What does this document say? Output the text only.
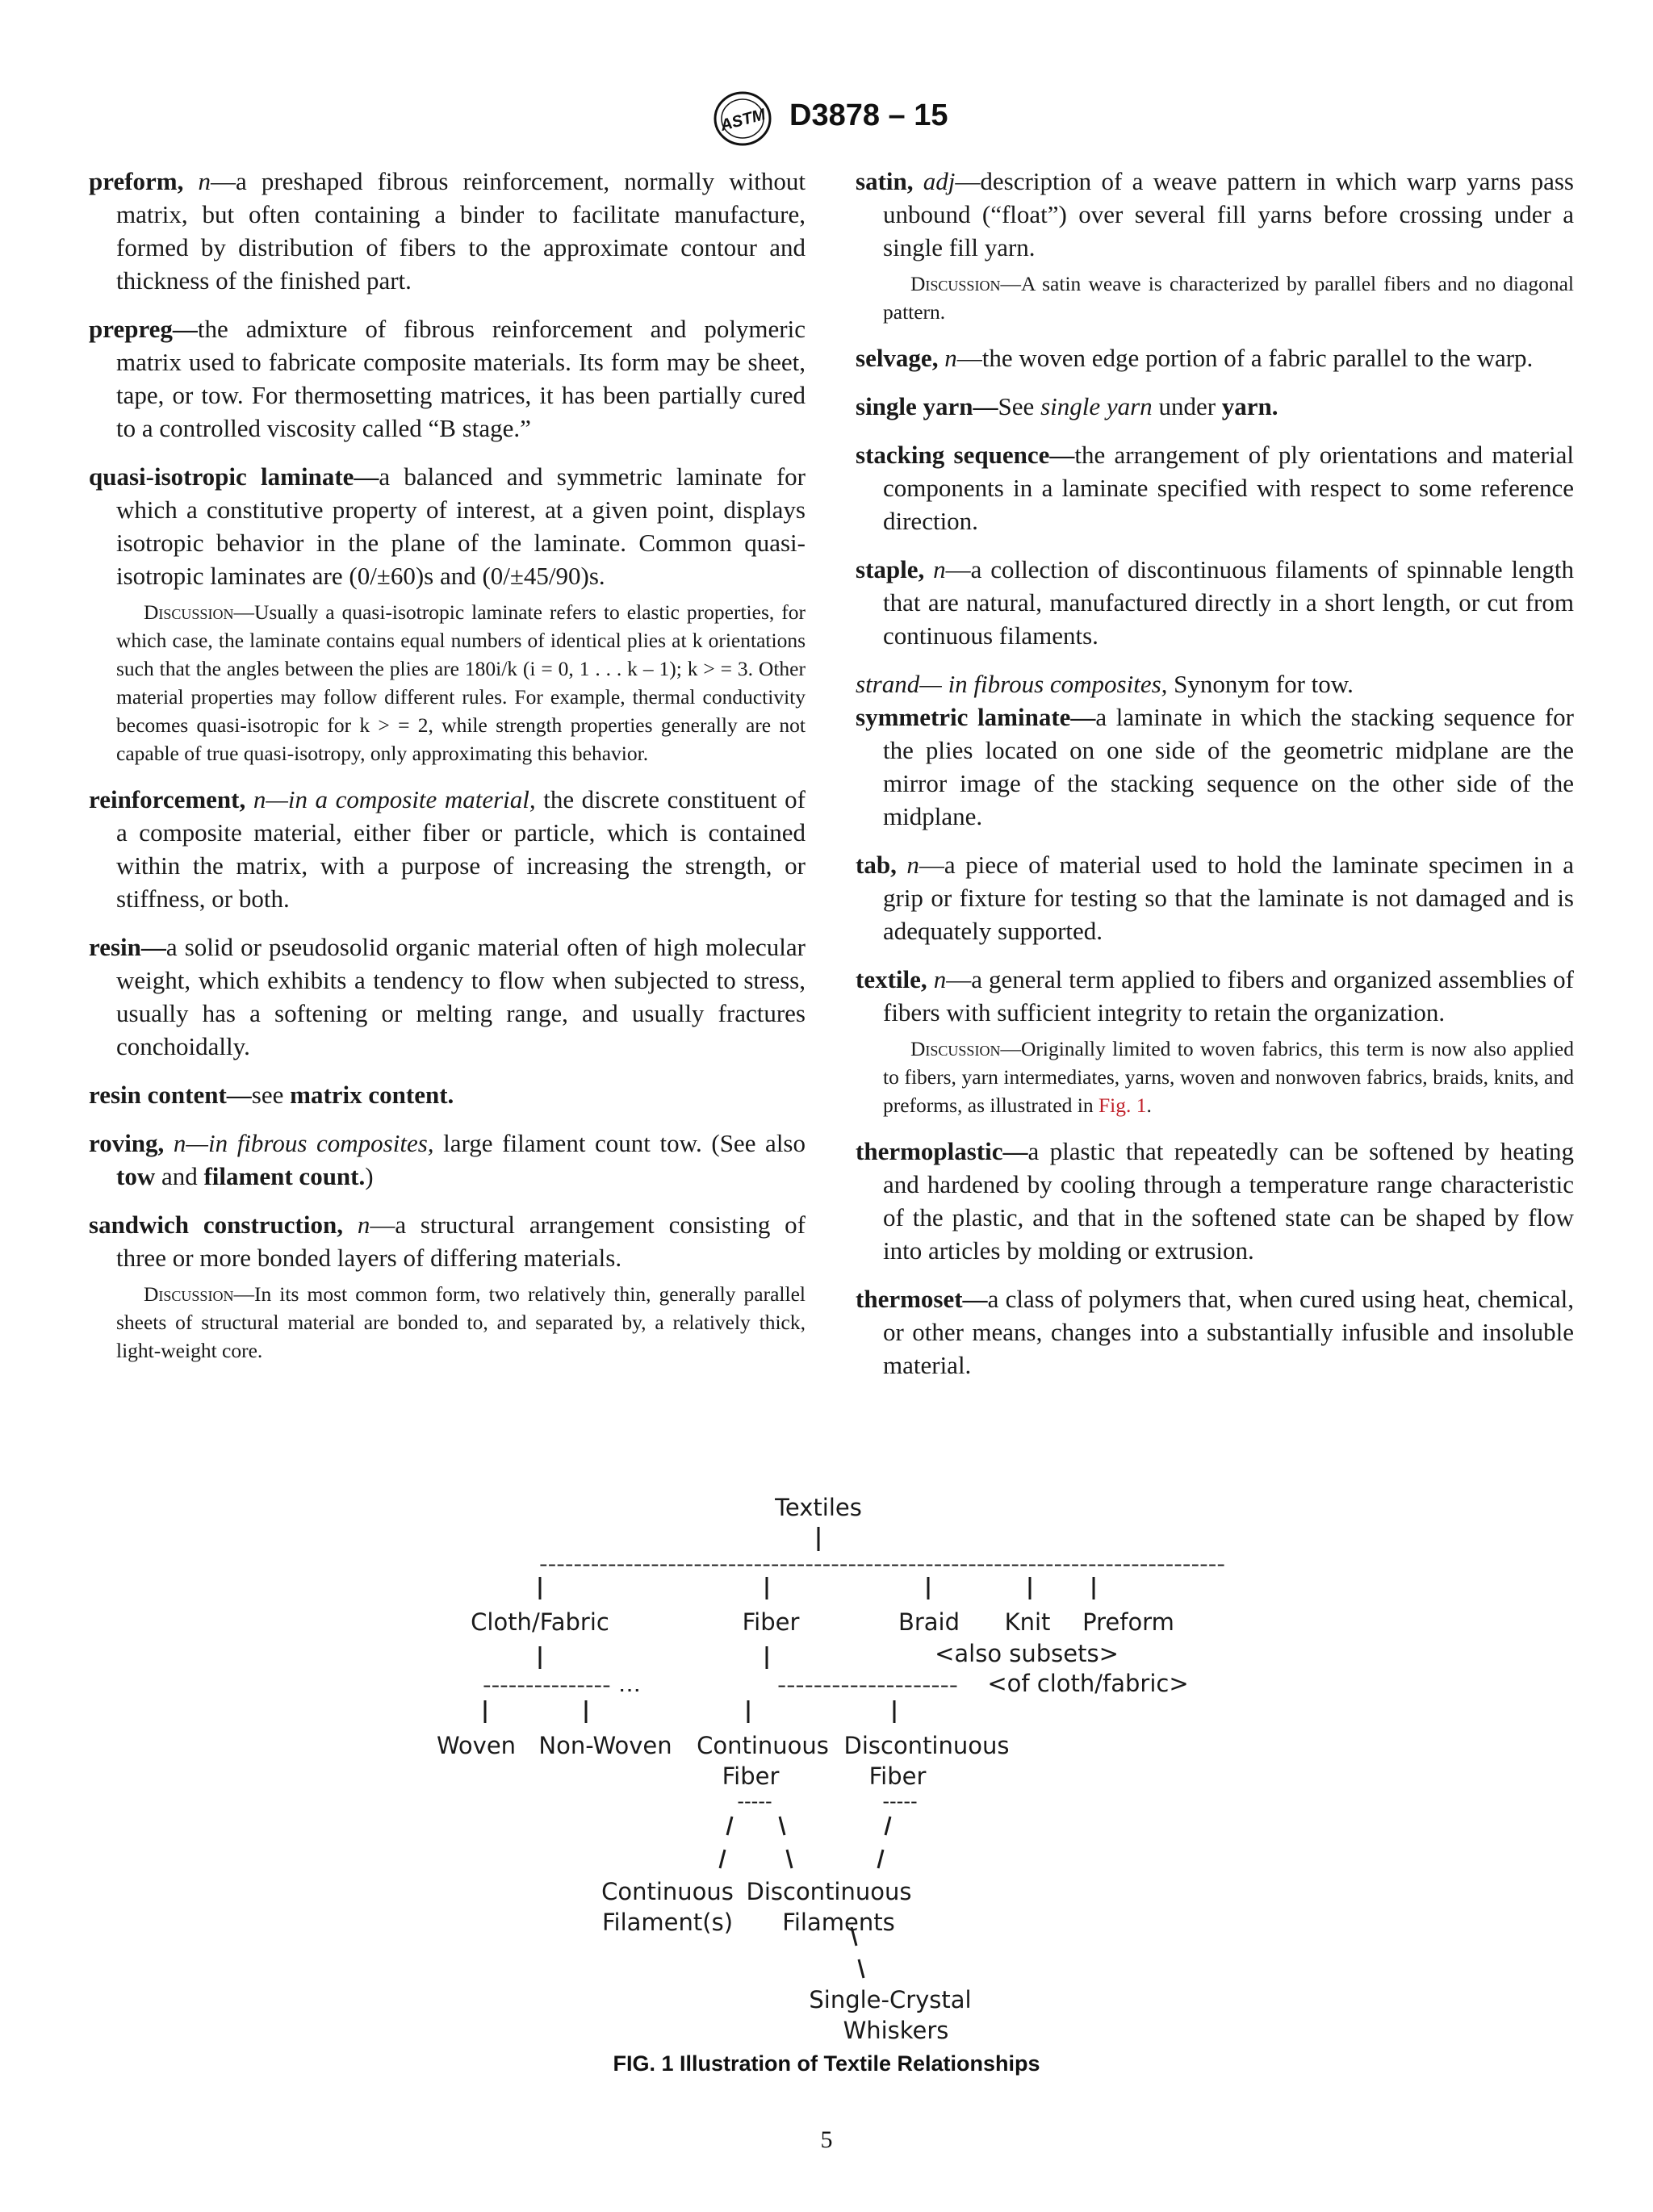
ASTM D3878 – 15

preform, n—a preshaped fibrous reinforcement, normally without matrix, but often containing a binder to facilitate manufacture, formed by distribution of fibers to the approximate contour and thickness of the finished part.

prepreg—the admixture of fibrous reinforcement and polymeric matrix used to fabricate composite materials. Its form may be sheet, tape, or tow. For thermosetting matrices, it has been partially cured to a controlled viscosity called “B stage.”

quasi-isotropic laminate—a balanced and symmetric laminate for which a constitutive property of interest, at a given point, displays isotropic behavior in the plane of the laminate. Common quasi-isotropic laminates are (0/±60)s and (0/±45/90)s.

Discussion—Usually a quasi-isotropic laminate refers to elastic properties, for which case, the laminate contains equal numbers of identical plies at k orientations such that the angles between the plies are 180i/k (i = 0, 1 . . . k – 1); k > = 3. Other material properties may follow different rules. For example, thermal conductivity becomes quasi-isotropic for k > = 2, while strength properties generally are not capable of true quasi-isotropy, only approximating this behavior.

reinforcement, n—in a composite material, the discrete constituent of a composite material, either fiber or particle, which is contained within the matrix, with a purpose of increasing the strength, or stiffness, or both.

resin—a solid or pseudosolid organic material often of high molecular weight, which exhibits a tendency to flow when subjected to stress, usually has a softening or melting range, and usually fractures conchoidally.

resin content—see matrix content.

roving, n—in fibrous composites, large filament count tow. (See also tow and filament count.)

sandwich construction, n—a structural arrangement consisting of three or more bonded layers of differing materials.

Discussion—In its most common form, two relatively thin, generally parallel sheets of structural material are bonded to, and separated by, a relatively thick, light-weight core.

satin, adj—description of a weave pattern in which warp yarns pass unbound (“float”) over several fill yarns before crossing under a single fill yarn.

Discussion—A satin weave is characterized by parallel fibers and no diagonal pattern.

selvage, n—the woven edge portion of a fabric parallel to the warp.

single yarn—See single yarn under yarn.

stacking sequence—the arrangement of ply orientations and material components in a laminate specified with respect to some reference direction.

staple, n—a collection of discontinuous filaments of spinnable length that are natural, manufactured directly in a short length, or cut from continuous filaments.

strand— in fibrous composites, Synonym for tow.

symmetric laminate—a laminate in which the stacking sequence for the plies located on one side of the geometric midplane are the mirror image of the stacking sequence on the other side of the midplane.

tab, n—a piece of material used to hold the laminate specimen in a grip or fixture for testing so that the laminate is not damaged and is adequately supported.

textile, n—a general term applied to fibers and organized assemblies of fibers with sufficient integrity to retain the organization.

Discussion—Originally limited to woven fabrics, this term is now also applied to fibers, yarn intermediates, yarns, woven and nonwoven fabrics, braids, knits, and preforms, as illustrated in Fig. 1.

thermoplastic—a plastic that repeatedly can be softened by heating and hardened by cooling through a temperature range characteristic of the plastic, and that in the softened state can be shaped by flow into articles by molding or extrusion.

thermoset—a class of polymers that, when cured using heat, chemical, or other means, changes into a substantially infusible and insoluble material.

Textiles
--------------------------------------------------------------------------------
Cloth/Fabric	Fiber	Braid Knit Preform
<also subsets>
<of cloth/fabric>
--------------- ...	--------------------
Woven Non-Woven Continuous Fiber
Discontinuous Fiber
-----	-----
Continuous Filament(s)
Discontinuous Filaments
Single-Crystal Whiskers
FIG. 1 Illustration of Textile Relationships
5
